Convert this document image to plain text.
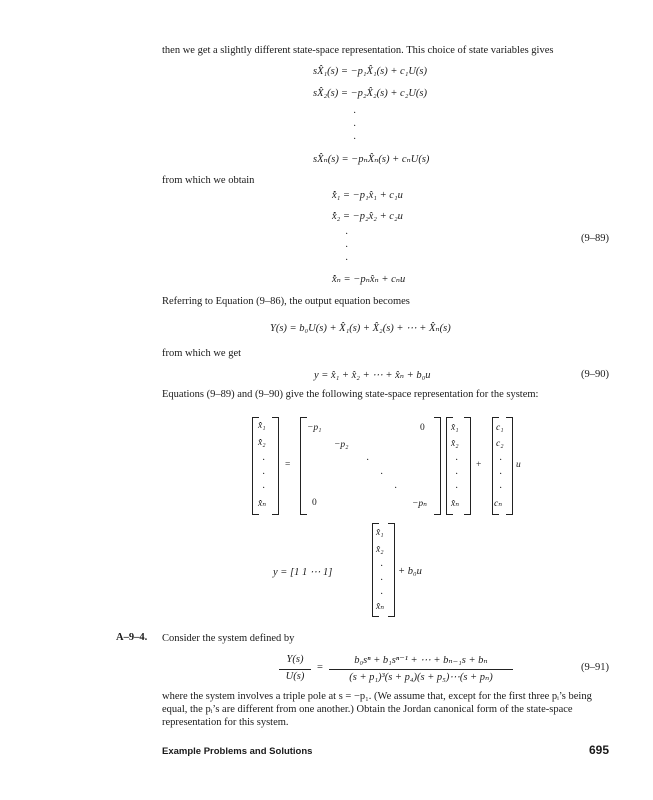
then we get a slightly different state-space representation. This choice of state variables gives
sX̂₁(s) = −p₁X̂₁(s) + c₁U(s)
sX̂₂(s) = −p₂X̂₂(s) + c₂U(s)
·
·
·
sX̂ₙ(s) = −pₙX̂ₙ(s) + cₙU(s)
from which we obtain
x̂̇₁ = −p₁x̂₁ + c₁u
x̂̇₂ = −p₂x̂₂ + c₂u
·
·
·
x̂̇ₙ = −pₙx̂ₙ + cₙu
(9–89)
Referring to Equation (9–86), the output equation becomes
Y(s) = b₀U(s) + X̂₁(s) + X̂₂(s) + ⋯ + X̂ₙ(s)
from which we get
y = x̂₁ + x̂₂ + ⋯ + x̂ₙ + b₀u	(9–90)
Equations (9–89) and (9–90) give the following state-space representation for the system:
x̂̇₁
x̂̇₂
·
·
·
x̂̇ₙ
=
−p₁
−p₂
·
·
·
−pₙ
0
0
x̂₁
x̂₂
·
·
·
x̂ₙ
+
c₁
c₂
·
·
·
cₙ
u
y = [1 1 ⋯ 1]
x̂₁
x̂₂
·
·
·
x̂ₙ
+ b₀u
A–9–4. Consider the system defined by
Y(s)
U(s)
=
b₀sⁿ + b₁sⁿ⁻¹ + ⋯ + bₙ₋₁s + bₙ
(s + p₁)³(s + p₄)(s + p₅)⋯(s + pₙ)
(9–91)
where the system involves a triple pole at s = −p₁. (We assume that, except for the first three pᵢ’s being equal, the pᵢ’s are different from one another.) Obtain the Jordan canonical form of the state-space representation for this system.
Example Problems and Solutions	695
